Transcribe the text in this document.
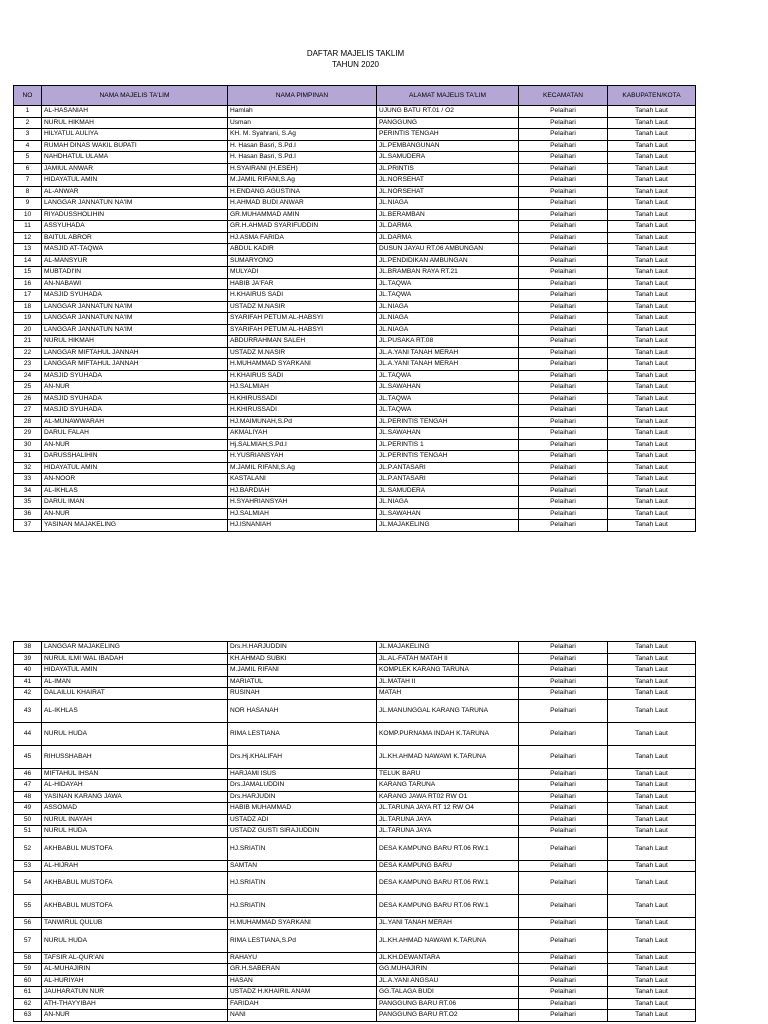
DAFTAR MAJELIS TAKLIM
TAHUN 2020
NO	NAMA MAJELIS TA'LIM	NAMA PIMPINAN	ALAMAT MAJELIS TA'LIM	KECAMATAN	KABUPATEN/KOTA
1	AL-HASANIAH	Hamlah	UJUNG BATU RT.01 / O2	Pelaihari	Tanah Laut
2	NURUL HIKMAH	Usman	PANGGUNG	Pelaihari	Tanah Laut
3	HILYATUL AULIYA	KH. M. Syahrani, S.Ag	PERINTIS TENGAH	Pelaihari	Tanah Laut
4	RUMAH DINAS WAKIL BUPATI	H. Hasan Basri, S.Pd.I	JL.PEMBANGUNAN	Pelaihari	Tanah Laut
5	NAHDHATUL ULAMA	H. Hasan Basri, S.Pd.I	JL.SAMUDERA	Pelaihari	Tanah Laut
6	JAMIUL ANWAR	H.SYAIRANI (H.ESEH)	JL.PRINTIS	Pelaihari	Tanah Laut
7	HIDAYATUL AMIN	M.JAMIL RIFANI,S.Ag	JL.NORSEHAT	Pelaihari	Tanah Laut
8	AL-ANWAR	H.ENDANG AGUSTINA	JL.NORSEHAT	Pelaihari	Tanah Laut
9	LANGGAR JANNATUN NA'IM	H.AHMAD BUDI ANWAR	JL.NIAGA	Pelaihari	Tanah Laut
10	RIYADUSSHOLIHIN	GR.MUHAMMAD AMIN	JL.BERAMBAN	Pelaihari	Tanah Laut
11	ASSYUHADA	GR.H.AHMAD SYARIFUDDIN	JL.DARMA	Pelaihari	Tanah Laut
12	BAITUL ABROR	HJ.ASMA FARIDA	JL.DARMA	Pelaihari	Tanah Laut
13	MASJID AT-TAQWA	ABDUL KADIR	DUSUN JAYAU RT.06 AMBUNGAN	Pelaihari	Tanah Laut
14	AL-MANSYUR	SUMARYONO	JL.PENDIDIKAN AMBUNGAN	Pelaihari	Tanah Laut
15	MUBTADI'IN	MULYADI	JL.BRAMBAN RAYA RT.21	Pelaihari	Tanah Laut
16	AN-NABAWI	HABIB JA'FAR	JL.TAQWA	Pelaihari	Tanah Laut
17	MASJID SYUHADA	H.KHAIRUS SADI	JL.TAQWA	Pelaihari	Tanah Laut
18	LANGGAR JANNATUN NA'IM	USTADZ M.NASIR	JL.NIAGA	Pelaihari	Tanah Laut
19	LANGGAR JANNATUN NA'IM	SYARIFAH PETUM AL-HABSYI	JL.NIAGA	Pelaihari	Tanah Laut
20	LANGGAR JANNATUN NA'IM	SYARIFAH PETUM AL-HABSYI	JL.NIAGA	Pelaihari	Tanah Laut
21	NURUL HIKMAH	ABDURRAHMAN SALEH	JL.PUSAKA RT.08	Pelaihari	Tanah Laut
22	LANGGAR MIFTAHUL JANNAH	USTADZ M.NASIR	JL.A.YANI TANAH MERAH	Pelaihari	Tanah Laut
23	LANGGAR MIFTAHUL JANNAH	H.MUHAMMAD SYARKANI	JL.A.YANI TANAH MERAH	Pelaihari	Tanah Laut
24	MASJID SYUHADA	H.KHAIRUS SADI	JL.TAQWA	Pelaihari	Tanah Laut
25	AN-NUR	HJ.SALMIAH	JL.SAWAHAN	Pelaihari	Tanah Laut
26	MASJID SYUHADA	H.KHIRUSSADI	JL.TAQWA	Pelaihari	Tanah Laut
27	MASJID SYUHADA	H.KHIRUSSADI	JL.TAQWA	Pelaihari	Tanah Laut
28	AL-MUNAWWARAH	HJ.MAIMUNAH,S.Pd	JL.PERINTIS TENGAH	Pelaihari	Tanah Laut
29	DARUL FALAH	AKMALIYAH	JL.SAWAHAN	Pelaihari	Tanah Laut
30	AN-NUR	Hj.SALMIAH,S.Pd.I	JL.PERINTIS 1	Pelaihari	Tanah Laut
31	DARUSSHALIHIN	H.YUSRIANSYAH	JL.PERINTIS TENGAH	Pelaihari	Tanah Laut
32	HIDAYATUL AMIN	M.JAMIL RIFANI,S.Ag	JL.P.ANTASARI	Pelaihari	Tanah Laut
33	AN-NOOR	KASTALANI	JL.P.ANTASARI	Pelaihari	Tanah Laut
34	AL-IKHLAS	HJ.BARDIAH	JL.SAMUDERA	Pelaihari	Tanah Laut
35	DARUL IMAN	H.SYAHRIANSYAH	JL.NIAGA	Pelaihari	Tanah Laut
36	AN-NUR	HJ.SALMIAH	JL.SAWAHAN	Pelaihari	Tanah Laut
37	YASINAN MAJAKELING	HJ.ISNANIAH	JL.MAJAKELING	Pelaihari	Tanah Laut
38	LANGGAR MAJAKELING	Drs.H.HARJUDDIN	JL.MAJAKELING	Pelaihari	Tanah Laut
39	NURUL ILMI WAL IBADAH	KH.AHMAD SUBKI	JL.AL-FATAH MATAH II	Pelaihari	Tanah Laut
40	HIDAYATUL AMIN	M.JAMIL RIFANI	KOMPLEK KARANG TARUNA	Pelaihari	Tanah Laut
41	AL-IMAN	MARIATUL	JL.MATAH II	Pelaihari	Tanah Laut
42	DALAILUL KHAIRAT	RUSINAH	MATAH	Pelaihari	Tanah Laut
43	AL-IKHLAS	NOR HASANAH	JL.MANUNGGAL KARANG TARUNA	Pelaihari	Tanah Laut
44	NURUL HUDA	RIMA LESTIANA	KOMP.PURNAMA INDAH K.TARUNA	Pelaihari	Tanah Laut
45	RIHUSSHABAH	Drs.Hj.KHALIFAH	JL.KH.AHMAD NAWAWI K.TARUNA	Pelaihari	Tanah Laut
46	MIFTAHUL IHSAN	HARJAMI ISUS	TELUK BARU	Pelaihari	Tanah Laut
47	AL-HIDAYAH	Drs.JAMALUDDIN	KARANG TARUNA	Pelaihari	Tanah Laut
48	YASINAN KARANG JAWA	Drs.HARJUDIN	KARANG JAWA RT02 RW O1	Pelaihari	Tanah Laut
49	ASSOMAD	HABIB MUHAMMAD	JL.TARUNA JAYA RT 12 RW O4	Pelaihari	Tanah Laut
50	NURUL INAYAH	USTADZ ADI	JL.TARUNA JAYA	Pelaihari	Tanah Laut
51	NURUL HUDA	USTADZ GUSTI SIRAJUDDIN	JL.TARUNA JAYA	Pelaihari	Tanah Laut
52	AKHBABUL MUSTOFA	HJ.SRIATIN	DESA KAMPUNG BARU RT.06 RW.1	Pelaihari	Tanah Laut
53	AL-HIJRAH	SAMTAN	DESA KAMPUNG BARU	Pelaihari	Tanah Laut
54	AKHBABUL MUSTOFA	HJ.SRIATIN	DESA KAMPUNG BARU RT.06 RW.1	Pelaihari	Tanah Laut
55	AKHBABUL MUSTOFA	HJ.SRIATIN	DESA KAMPUNG BARU RT.06 RW.1	Pelaihari	Tanah Laut
56	TANWIRUL QULUB	H.MUHAMMAD SYARKANI	JL.YANI TANAH MERAH	Pelaihari	Tanah Laut
57	NURUL HUDA	RIMA LESTIANA,S.Pd	JL.KH.AHMAD NAWAWI K.TARUNA	Pelaihari	Tanah Laut
58	TAFSIR AL-QUR'AN	RAHAYU	JL.KH.DEWANTARA	Pelaihari	Tanah Laut
59	AL-MUHAJIRIN	GR.H.SABERAN	GG.MUHAJIRIN	Pelaihari	Tanah Laut
60	AL-HURIYAH	HASAN	JL.A.YANI ANGSAU	Pelaihari	Tanah Laut
61	JAUHARATUN NUR	USTADZ H.KHAIRIL ANAM	GG.TALAGA BUDI	Pelaihari	Tanah Laut
62	ATH-THAYYIBAH	FARIDAH	PANGGUNG BARU RT.06	Pelaihari	Tanah Laut
63	AN-NUR	NANI	PANGGUNG BARU RT.O2	Pelaihari	Tanah Laut
